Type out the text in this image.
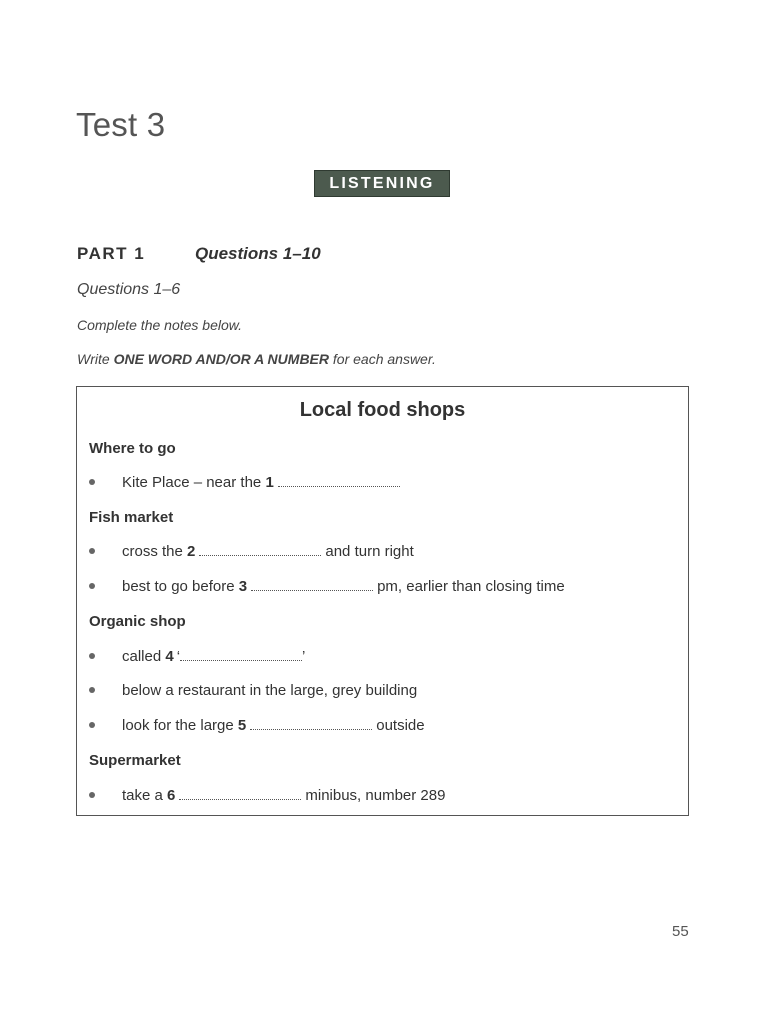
Test 3
LISTENING
PART 1	Questions 1–10
Questions 1–6
Complete the notes below.
Write ONE WORD AND/OR A NUMBER for each answer.
Local food shops
Where to go
Kite Place – near the 1
Fish market
cross the 2	and turn right
best to go before 3	pm, earlier than closing time
Organic shop
called 4 ‘	’
below a restaurant in the large, grey building
look for the large 5	outside
Supermarket
take a 6	minibus, number 289
55
